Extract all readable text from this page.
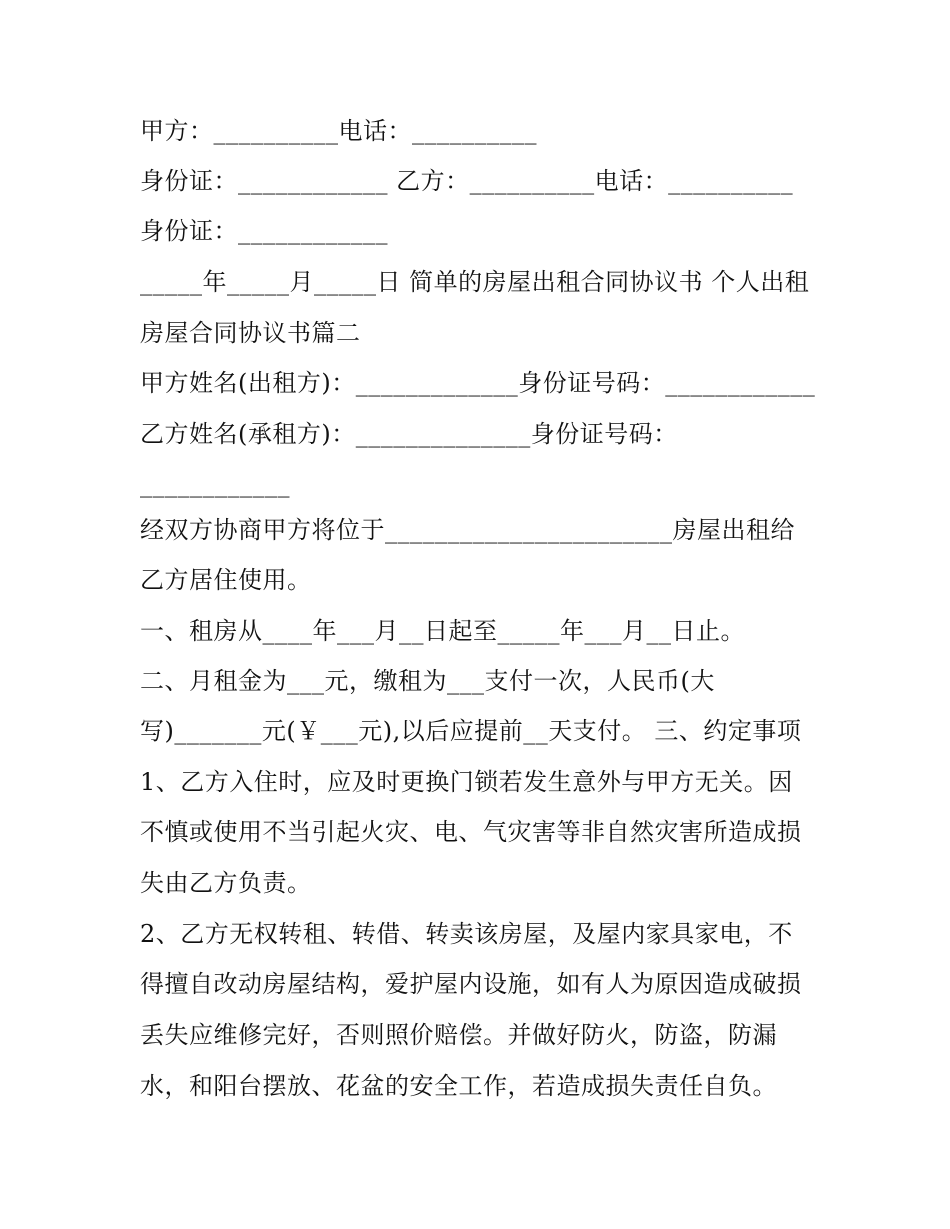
甲方：__________电话：__________
身份证：____________ 乙方：__________电话：__________
身份证：____________
_____年_____月_____日 简单的房屋出租合同协议书 个人出租
房屋合同协议书篇二
甲方姓名(出租方)：_____________身份证号码：____________
乙方姓名(承租方)：______________身份证号码：
____________
经双方协商甲方将位于_______________________房屋出租给
乙方居住使用。
一、租房从____年___月__日起至_____年___月__日止。
二、月租金为___元，缴租为___支付一次，人民币(大
写)_______元(￥___元),以后应提前__天支付。 三、约定事项
1、乙方入住时，应及时更换门锁若发生意外与甲方无关。因
不慎或使用不当引起火灾、电、气灾害等非自然灾害所造成损
失由乙方负责。
2、乙方无权转租、转借、转卖该房屋，及屋内家具家电，不
得擅自改动房屋结构，爱护屋内设施，如有人为原因造成破损
丢失应维修完好，否则照价赔偿。并做好防火，防盗，防漏
水，和阳台摆放、花盆的安全工作，若造成损失责任自负。
